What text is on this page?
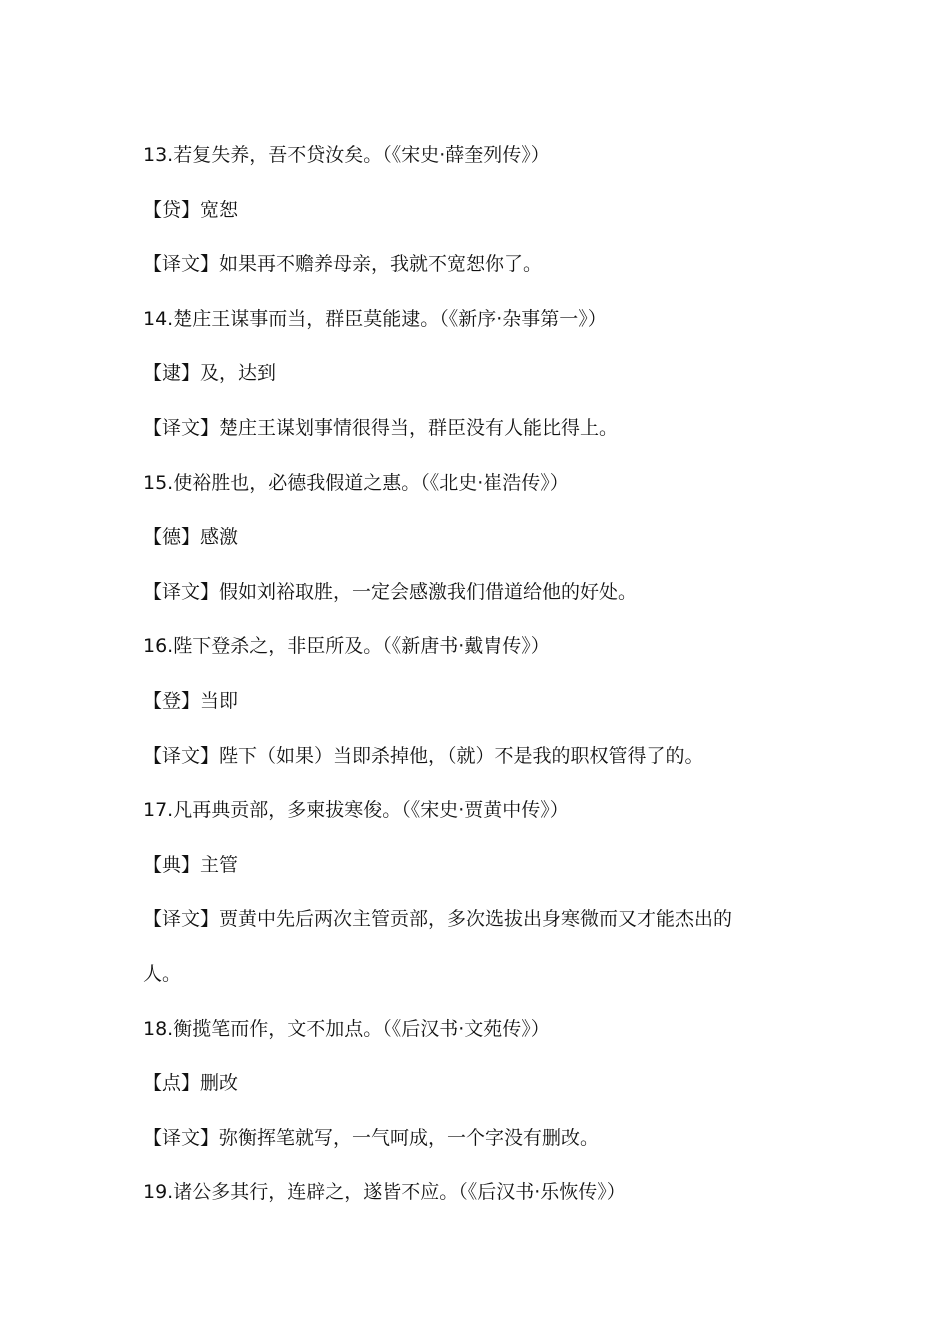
13.若复失养，吾不贷汝矣。（《宋史·薛奎列传》）
【贷】宽恕
【译文】如果再不赡养母亲，我就不宽恕你了。
14.楚庄王谋事而当，群臣莫能逮。（《新序·杂事第一》）
【逮】及，达到
【译文】楚庄王谋划事情很得当，群臣没有人能比得上。
15.使裕胜也，必德我假道之惠。（《北史·崔浩传》）
【德】感激
【译文】假如刘裕取胜，一定会感激我们借道给他的好处。
16.陛下登杀之，非臣所及。（《新唐书·戴胄传》）
【登】当即
【译文】陛下（如果）当即杀掉他，（就）不是我的职权管得了的。
17.凡再典贡部，多柬拔寒俊。（《宋史·贾黄中传》）
【典】主管
【译文】贾黄中先后两次主管贡部，多次选拔出身寒微而又才能杰出的人。
18.衡揽笔而作，文不加点。（《后汉书·文苑传》）
【点】删改
【译文】弥衡挥笔就写，一气呵成，一个字没有删改。
19.诸公多其行，连辟之，遂皆不应。（《后汉书·乐恢传》）
